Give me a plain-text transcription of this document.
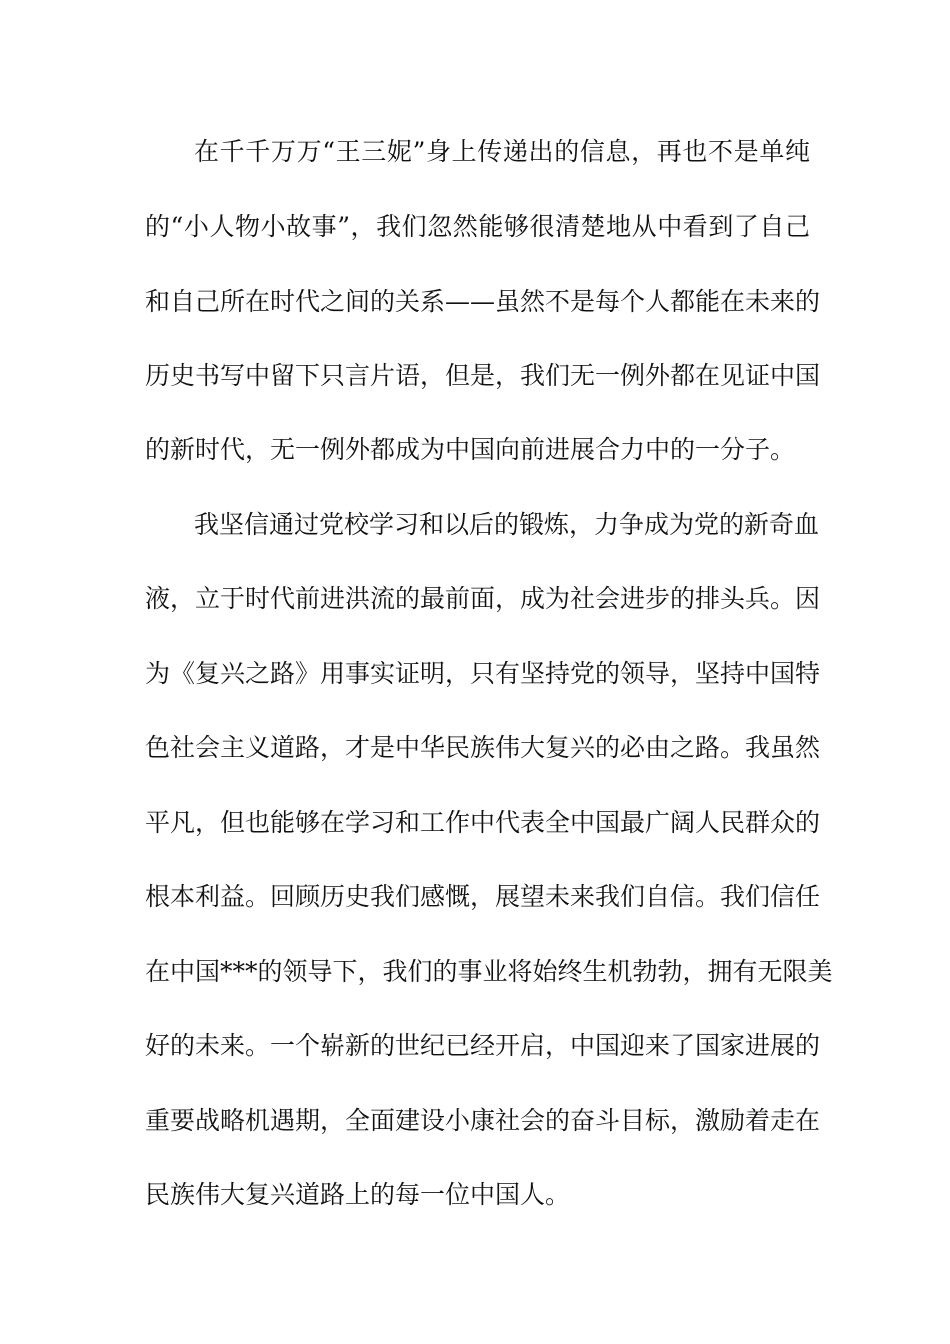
在千千万万“王三妮”身上传递出的信息，再也不是单纯
的“小人物小故事”，我们忽然能够很清楚地从中看到了自己
和自己所在时代之间的关系——虽然不是每个人都能在未来的
历史书写中留下只言片语，但是，我们无一例外都在见证中国
的新时代，无一例外都成为中国向前进展合力中的一分子。
我坚信通过党校学习和以后的锻炼，力争成为党的新奇血
液，立于时代前进洪流的最前面，成为社会进步的排头兵。因
为《复兴之路》用事实证明，只有坚持党的领导，坚持中国特
色社会主义道路，才是中华民族伟大复兴的必由之路。我虽然
平凡，但也能够在学习和工作中代表全中国最广阔人民群众的
根本利益。回顾历史我们感慨，展望未来我们自信。我们信任
在中国***的领导下，我们的事业将始终生机勃勃，拥有无限美
好的未来。一个崭新的世纪已经开启，中国迎来了国家进展的
重要战略机遇期，全面建设小康社会的奋斗目标，激励着走在
民族伟大复兴道路上的每一位中国人。
